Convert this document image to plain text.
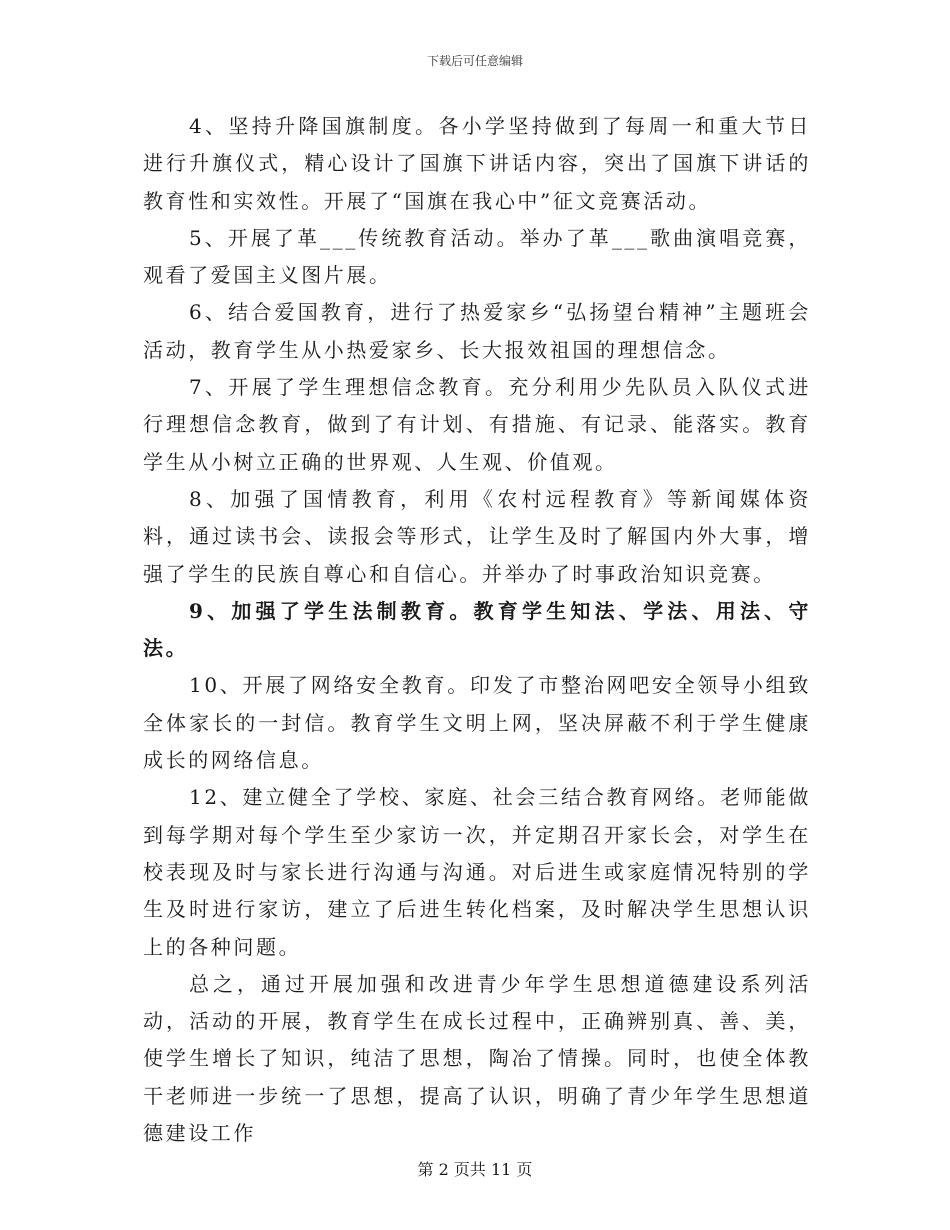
下载后可任意编辑

4、坚持升降国旗制度。各小学坚持做到了每周一和重大节日进行升旗仪式，精心设计了国旗下讲话内容，突出了国旗下讲话的教育性和实效性。开展了“国旗在我心中”征文竞赛活动。

5、开展了革___传统教育活动。举办了革___歌曲演唱竞赛，观看了爱国主义图片展。

6、结合爱国教育，进行了热爱家乡“弘扬望台精神”主题班会活动，教育学生从小热爱家乡、长大报效祖国的理想信念。

7、开展了学生理想信念教育。充分利用少先队员入队仪式进行理想信念教育，做到了有计划、有措施、有记录、能落实。教育学生从小树立正确的世界观、人生观、价值观。

8、加强了国情教育，利用《农村远程教育》等新闻媒体资料，通过读书会、读报会等形式，让学生及时了解国内外大事，增强了学生的民族自尊心和自信心。并举办了时事政治知识竞赛。

9、加强了学生法制教育。教育学生知法、学法、用法、守法。

10、开展了网络安全教育。印发了市整治网吧安全领导小组致全体家长的一封信。教育学生文明上网，坚决屏蔽不利于学生健康成长的网络信息。

12、建立健全了学校、家庭、社会三结合教育网络。老师能做到每学期对每个学生至少家访一次，并定期召开家长会，对学生在校表现及时与家长进行沟通与沟通。对后进生或家庭情况特别的学生及时进行家访，建立了后进生转化档案，及时解决学生思想认识上的各种问题。

总之，通过开展加强和改进青少年学生思想道德建设系列活动，活动的开展，教育学生在成长过程中，正确辨别真、善、美，使学生增长了知识，纯洁了思想，陶冶了情操。同时，也使全体教干老师进一步统一了思想，提高了认识，明确了青少年学生思想道德建设工作

第 2 页共 11 页
